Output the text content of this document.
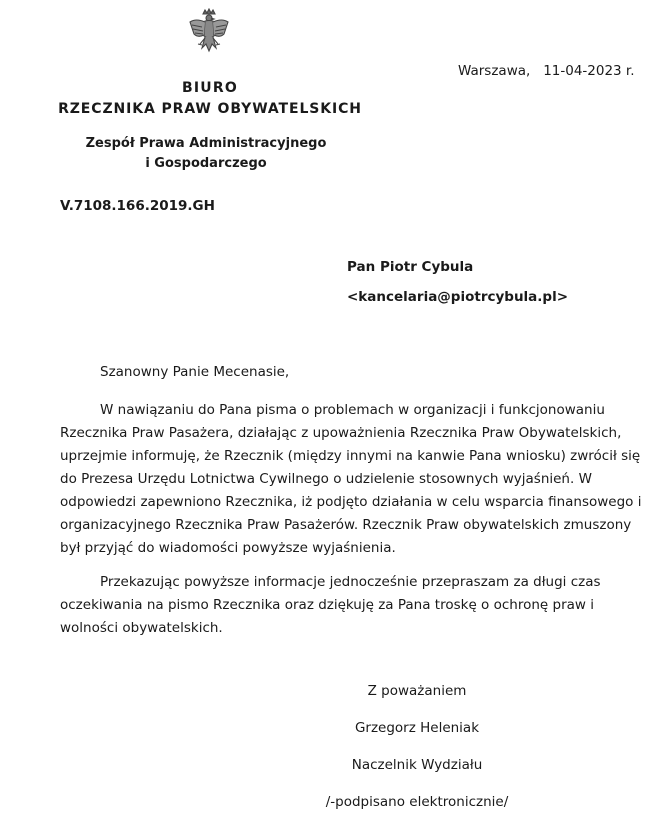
BIURO
RZECZNIKA PRAW OBYWATELSKICH
Zespół Prawa Administracyjnego
i Gospodarczego
Warszawa, 11-04-2023 r.
V.7108.166.2019.GH
Pan Piotr Cybula
<kancelaria@piotrcybula.pl>
Szanowny Panie Mecenasie,
W nawiązaniu do Pana pisma o problemach w organizacji i funkcjonowaniu
Rzecznika Praw Pasażera, działając z upoważnienia Rzecznika Praw Obywatelskich,
uprzejmie informuję, że Rzecznik (między innymi na kanwie Pana wniosku) zwrócił się
do Prezesa Urzędu Lotnictwa Cywilnego o udzielenie stosownych wyjaśnień. W
odpowiedzi zapewniono Rzecznika, iż podjęto działania w celu wsparcia finansowego i
organizacyjnego Rzecznika Praw Pasażerów. Rzecznik Praw obywatelskich zmuszony
był przyjąć do wiadomości powyższe wyjaśnienia.
Przekazując powyższe informacje jednocześnie przepraszam za długi czas
oczekiwania na pismo Rzecznika oraz dziękuję za Pana troskę o ochronę praw i
wolności obywatelskich.
Z poważaniem
Grzegorz Heleniak
Naczelnik Wydziału
/-podpisano elektronicznie/
